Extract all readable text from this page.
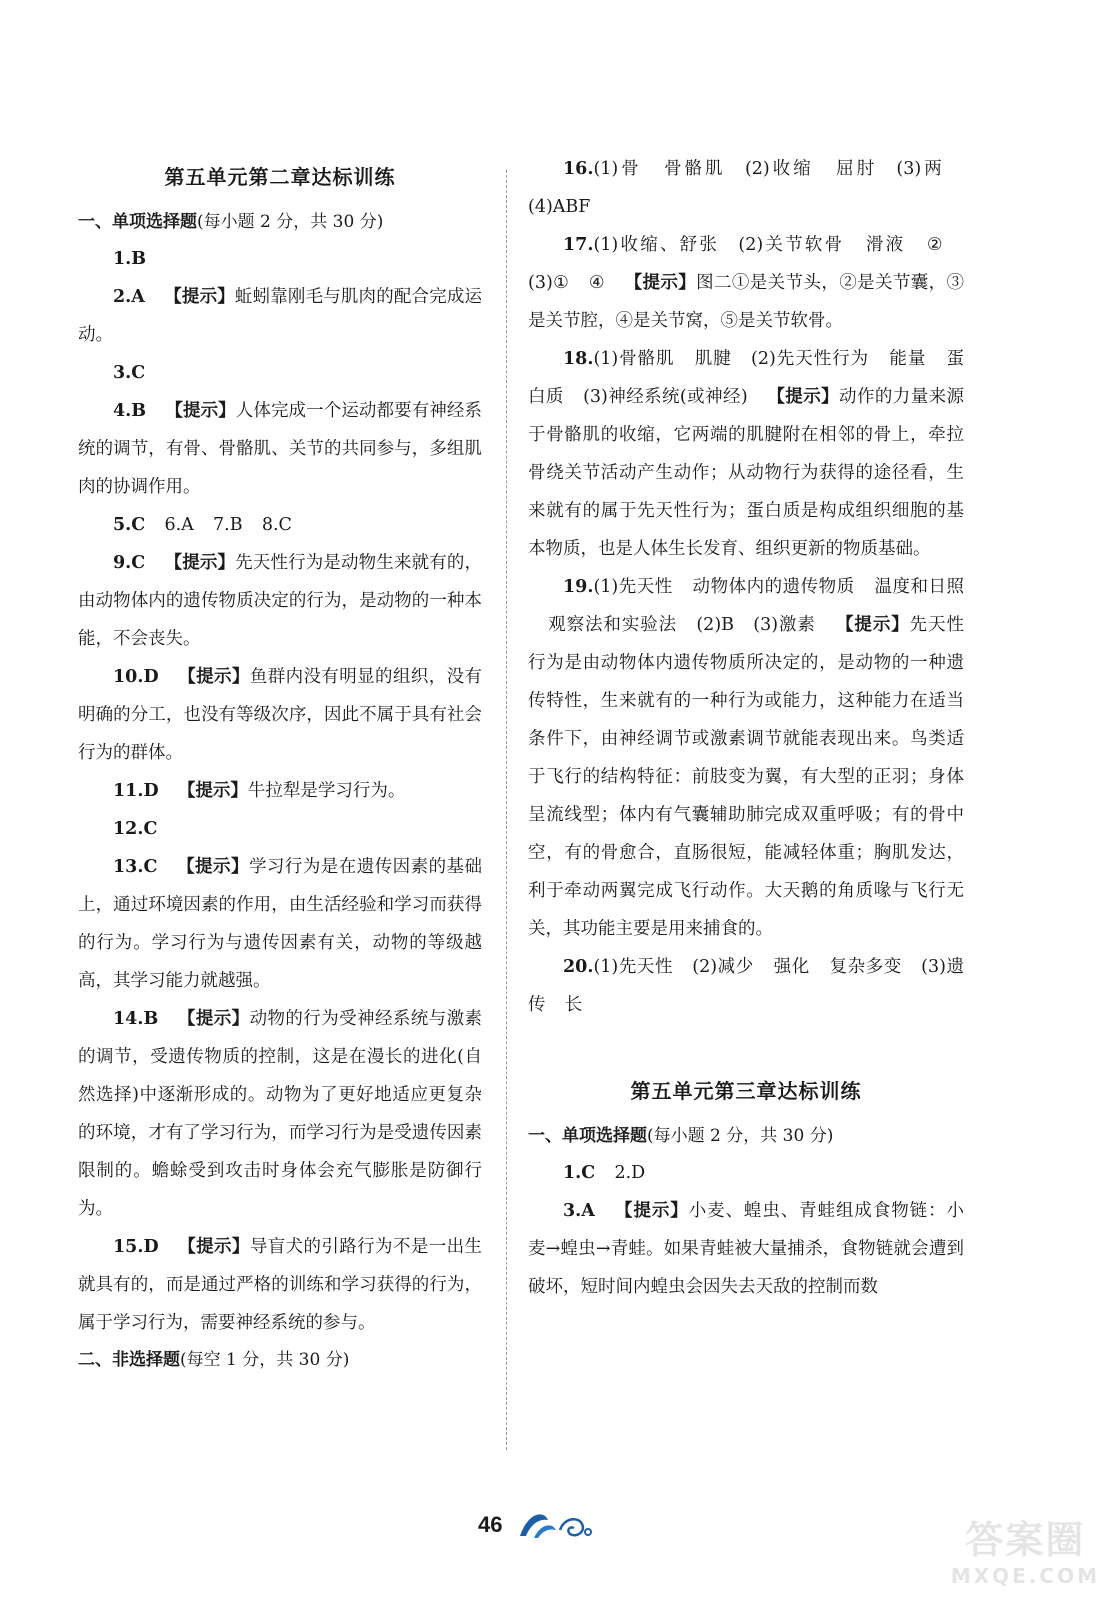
第五单元第二章达标训练
一、单项选择题(每小题 2 分，共 30 分)
1.B
2.A 【提示】蚯蚓靠刚毛与肌肉的配合完成运动。
3.C
4.B 【提示】人体完成一个运动都要有神经系统的调节，有骨、骨骼肌、关节的共同参与，多组肌肉的协调作用。
5.C 6.A 7.B 8.C
9.C 【提示】先天性行为是动物生来就有的，由动物体内的遗传物质决定的行为，是动物的一种本能，不会丧失。
10.D 【提示】鱼群内没有明显的组织，没有明确的分工，也没有等级次序，因此不属于具有社会行为的群体。
11.D 【提示】牛拉犁是学习行为。
12.C
13.C 【提示】学习行为是在遗传因素的基础上，通过环境因素的作用，由生活经验和学习而获得的行为。学习行为与遗传因素有关，动物的等级越高，其学习能力就越强。
14.B 【提示】动物的行为受神经系统与激素的调节，受遗传物质的控制，这是在漫长的进化(自然选择)中逐渐形成的。动物为了更好地适应更复杂的环境，才有了学习行为，而学习行为是受遗传因素限制的。蟾蜍受到攻击时身体会充气膨胀是防御行为。
15.D 【提示】导盲犬的引路行为不是一出生就具有的，而是通过严格的训练和学习获得的行为，属于学习行为，需要神经系统的参与。
二、非选择题(每空 1 分，共 30 分)
16.(1)骨 骨骼肌 (2)收缩 屈肘 (3)两(4)ABF
17.(1)收缩、舒张 (2)关节软骨 滑液 ②(3)① ④ 【提示】图二①是关节头，②是关节囊，③是关节腔，④是关节窝，⑤是关节软骨。
18.(1)骨骼肌 肌腱 (2)先天性行为 能量 蛋白质 (3)神经系统(或神经) 【提示】动作的力量来源于骨骼肌的收缩，它两端的肌腱附在相邻的骨上，牵拉骨绕关节活动产生动作；从动物行为获得的途径看，生来就有的属于先天性行为；蛋白质是构成组织细胞的基本物质，也是人体生长发育、组织更新的物质基础。
19.(1)先天性 动物体内的遗传物质 温度和日照观察法和实验法 (2)B (3)激素 【提示】先天性行为是由动物体内遗传物质所决定的，是动物的一种遗传特性，生来就有的一种行为或能力，这种能力在适当条件下，由神经调节或激素调节就能表现出来。鸟类适于飞行的结构特征：前肢变为翼，有大型的正羽；身体呈流线型；体内有气囊辅助肺完成双重呼吸；有的骨中空，有的骨愈合，直肠很短，能减轻体重；胸肌发达，利于牵动两翼完成飞行动作。大天鹅的角质喙与飞行无关，其功能主要是用来捕食的。
20.(1)先天性 (2)减少 强化 复杂多变 (3)遗传 长
第五单元第三章达标训练
一、单项选择题(每小题 2 分，共 30 分)
1.C 2.D
3.A 【提示】小麦、蝗虫、青蛙组成食物链：小麦→蝗虫→青蛙。如果青蛙被大量捕杀，食物链就会遭到破坏，短时间内蝗虫会因失去天敌的控制而数
46	答案圈
MXQE.COM
